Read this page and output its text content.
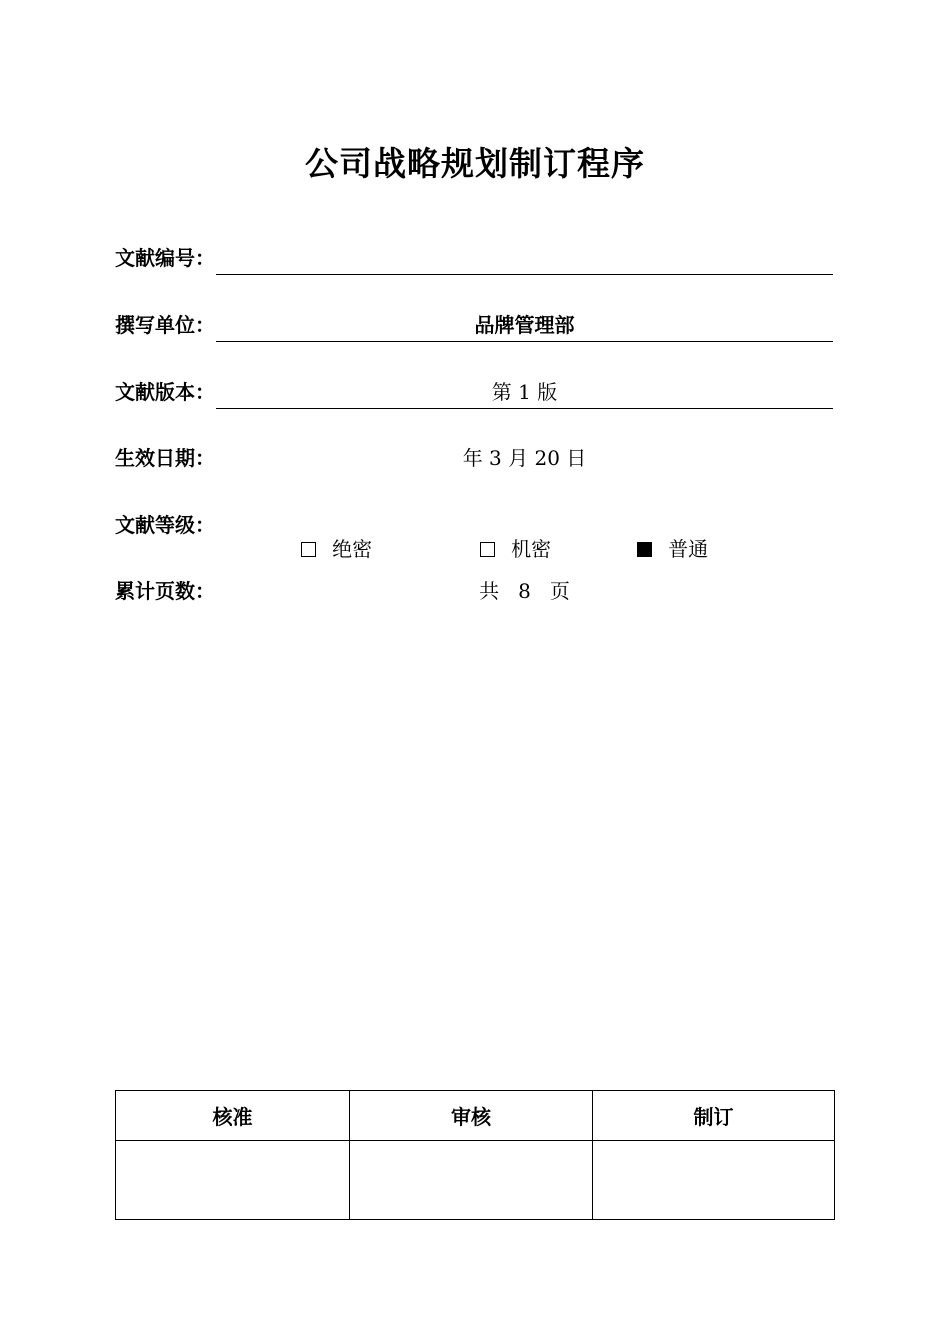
公司战略规划制订程序
文献编号：
撰写单位：	品牌管理部
文献版本：	第 1 版
生效日期：	年 3 月 20 日
文献等级：

绝密
	机密
	普通

累计页数：	共   8   页
核准	审核	制订
